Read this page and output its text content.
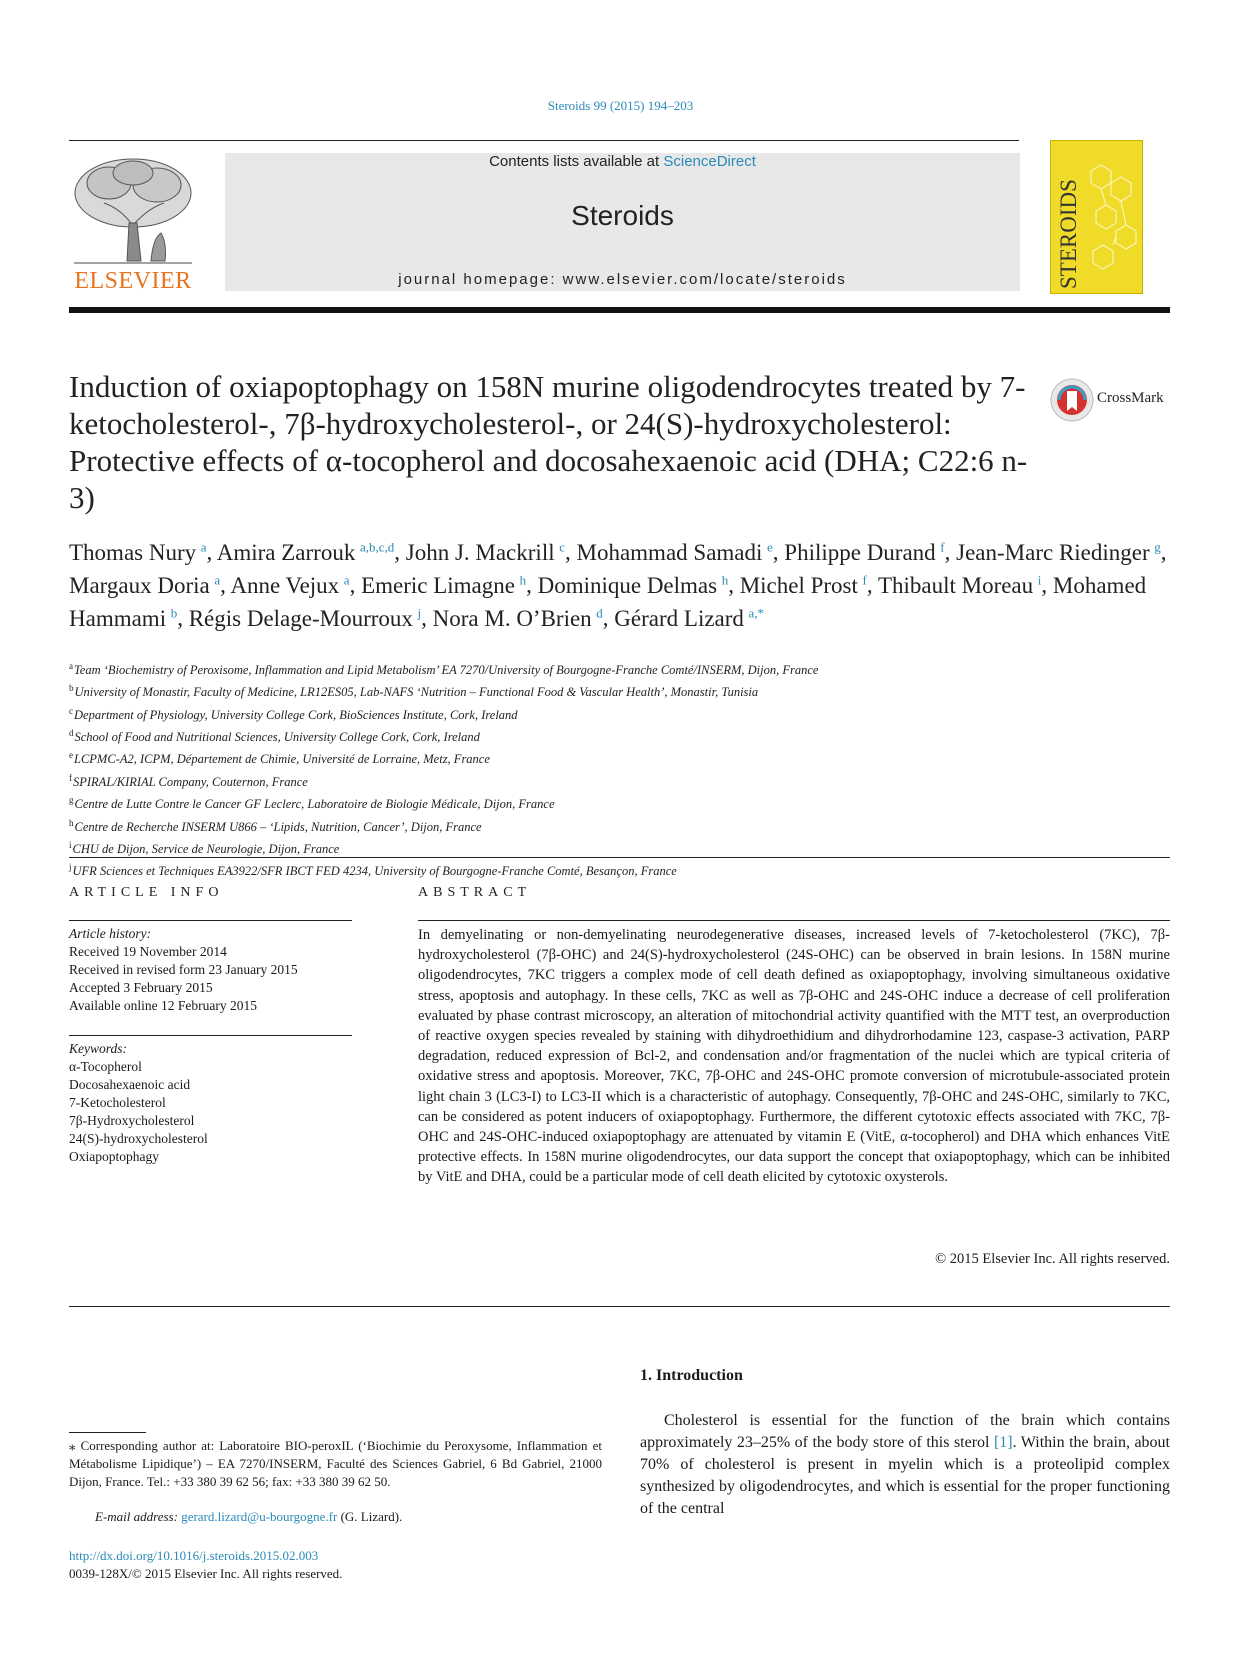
Steroids 99 (2015) 194–203
ELSEVIER
Contents lists available at ScienceDirect
Steroids
journal homepage: www.elsevier.com/locate/steroids	STEROIDS
Induction of oxiapoptophagy on 158N murine oligodendrocytes treated by 7-ketocholesterol-, 7β-hydroxycholesterol-, or 24(S)-hydroxycholesterol: Protective effects of α-tocopherol and docosahexaenoic acid (DHA; C22:6 n-3)
CrossMark
Thomas Nury  $^a$, Amira Zarrouk  $^{a,b,c,d}$, John J. Mackrill  $^c$, Mohammad Samadi  $^e$, Philippe Durand  $^f$, Jean-Marc Riedinger  $^g$, Margaux Doria  $^a$, Anne Vejux  $^a$, Emeric Limagne  $^h$, Dominique Delmas  $^h$, Michel Prost  $^f$, Thibault Moreau  $^i$, Mohamed Hammami  $^b$, Régis Delage-Mourroux  $^j$, Nora M. O’Brien  $^d$, Gérard Lizard  $^{a,*}$
$^a$Team ‘Biochemistry of Peroxisome, Inflammation and Lipid Metabolism’ EA 7270/University of Bourgogne-Franche Comté/INSERM, Dijon, France
$^b$University of Monastir, Faculty of Medicine, LR12ES05, Lab-NAFS ‘Nutrition – Functional Food & Vascular Health’, Monastir, Tunisia
$^c$Department of Physiology, University College Cork, BioSciences Institute, Cork, Ireland
$^d$School of Food and Nutritional Sciences, University College Cork, Cork, Ireland
$^e$LCPMC-A2, ICPM, Département de Chimie, Université de Lorraine, Metz, France
$^f$SPIRAL/KIRIAL Company, Couternon, France
$^g$Centre de Lutte Contre le Cancer GF Leclerc, Laboratoire de Biologie Médicale, Dijon, France
$^h$Centre de Recherche INSERM U866 – ‘Lipids, Nutrition, Cancer’, Dijon, France
$^i$CHU de Dijon, Service de Neurologie, Dijon, France
$^j$UFR Sciences et Techniques EA3922/SFR IBCT FED 4234, University of Bourgogne-Franche Comté, Besançon, France
ARTICLE INFO	ABSTRACT
Article history:
Received 19 November 2014
Received in revised form 23 January 2015
Accepted 3 February 2015
Available online 12 February 2015
Keywords:
α-Tocopherol
Docosahexaenoic acid
7-Ketocholesterol
7β-Hydroxycholesterol
24(S)-hydroxycholesterol
Oxiapoptophagy

In demyelinating or non-demyelinating neurodegenerative diseases, increased levels of 7-ketocholesterol (7KC), 7β-hydroxycholesterol (7β-OHC) and 24(S)-hydroxycholesterol (24S-OHC) can be observed in brain lesions. In 158N murine oligodendrocytes, 7KC triggers a complex mode of cell death defined as oxiapoptophagy, involving simultaneous oxidative stress, apoptosis and autophagy. In these cells, 7KC as well as 7β-OHC and 24S-OHC induce a decrease of cell proliferation evaluated by phase contrast microscopy, an alteration of mitochondrial activity quantified with the MTT test, an overproduction of reactive oxygen species revealed by staining with dihydroethidium and dihydrorhodamine 123, caspase-3 activation, PARP degradation, reduced expression of Bcl-2, and condensation and/or fragmentation of the nuclei which are typical criteria of oxidative stress and apoptosis. Moreover, 7KC, 7β-OHC and 24S-OHC promote conversion of microtubule-associated protein light chain 3 (LC3-I) to LC3-II which is a characteristic of autophagy. Consequently, 7β-OHC and 24S-OHC, similarly to 7KC, can be considered as potent inducers of oxiapoptophagy. Furthermore, the different cytotoxic effects associated with 7KC, 7β-OHC and 24S-OHC-induced oxiapoptophagy are attenuated by vitamin E (VitE, α-tocopherol) and DHA which enhances VitE protective effects. In 158N murine oligodendrocytes, our data support the concept that oxiapoptophagy, which can be inhibited by VitE and DHA, could be a particular mode of cell death elicited by cytotoxic oxysterols.

© 2015 Elsevier Inc. All rights reserved.
1. Introduction

Cholesterol is essential for the function of the brain which contains approximately 23–25% of the body store of this sterol [1]. Within the brain, about 70% of cholesterol is present in myelin which is a proteolipid complex synthesized by oligodendrocytes, and which is essential for the proper functioning of the central

⁎ Corresponding author at: Laboratoire BIO-peroxIL (‘Biochimie du Peroxysome, Inflammation et Métabolisme Lipidique’) – EA 7270/INSERM, Faculté des Sciences Gabriel, 6 Bd Gabriel, 21000 Dijon, France. Tel.: +33 380 39 62 56; fax: +33 380 39 62 50.
E-mail address: gerard.lizard@u-bourgogne.fr (G. Lizard).
http://dx.doi.org/10.1016/j.steroids.2015.02.003
0039-128X/© 2015 Elsevier Inc. All rights reserved.
